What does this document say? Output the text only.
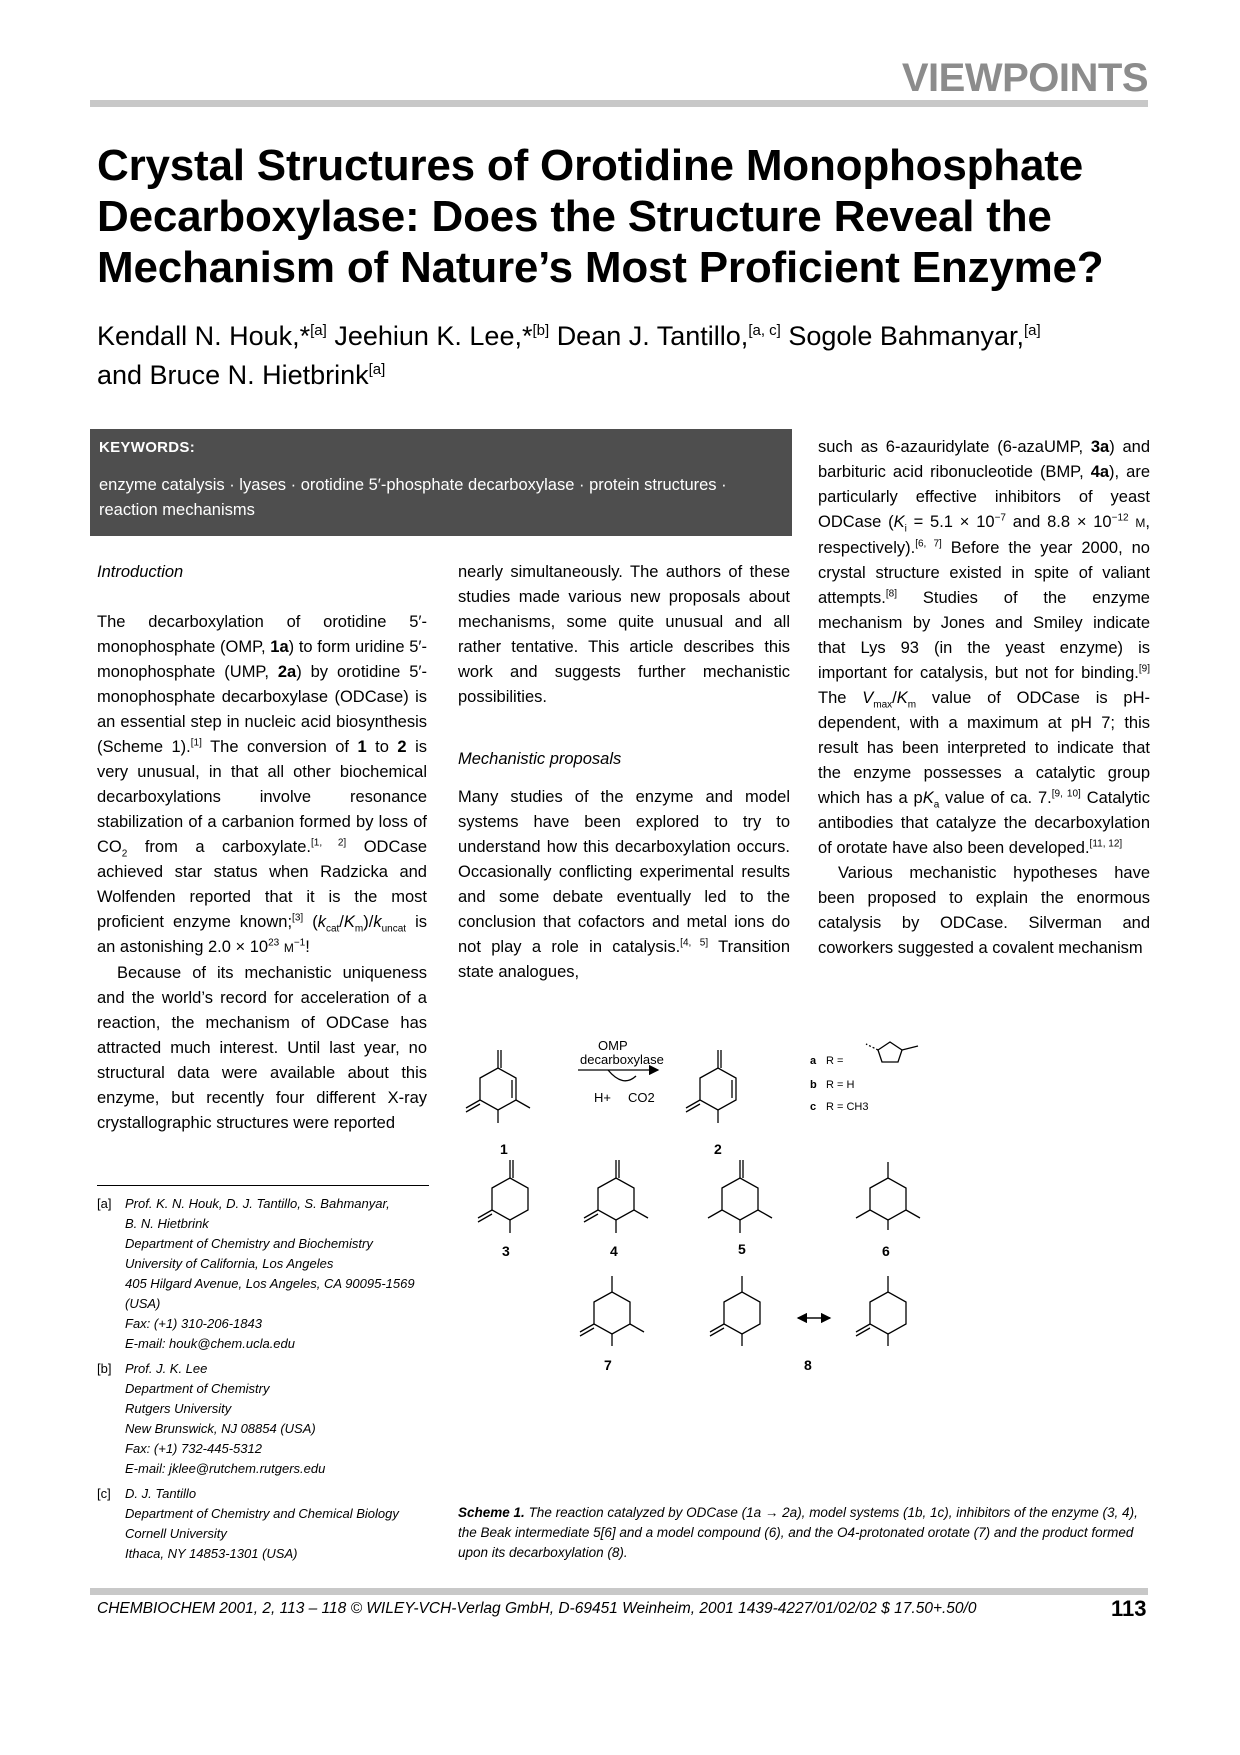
VIEWPOINTS
Crystal Structures of Orotidine Monophosphate
Decarboxylase: Does the Structure Reveal the
Mechanism of Nature’s Most Proficient Enzyme?
Kendall N. Houk,*[a] Jeehiun K. Lee,*[b] Dean J. Tantillo,[a, c] Sogole Bahmanyar,[a]
and Bruce N. Hietbrink[a]
KEYWORDS:
enzyme catalysis · lyases · orotidine 5′-phosphate decarboxylase · protein structures · reaction mechanisms

Introduction

The decarboxylation of orotidine 5′-monophosphate (OMP, 1a) to form uridine 5′-monophosphate (UMP, 2a) by orotidine 5′-monophosphate decarboxylase (ODCase) is an essential step in nucleic acid biosynthesis (Scheme 1).[1] The conversion of 1 to 2 is very unusual, in that all other biochemical decarboxylations involve resonance stabilization of a carbanion formed by loss of $CO_2$ from a carboxylate.[1, 2] ODCase achieved star status when Radzicka and Wolfenden reported that it is the most proficient enzyme known;[3] $(k_{cat}/K_m)/k_{uncat}$ is an astonishing $2.0 \times 10^{23}$ $M^{-1}$!

Because of its mechanistic uniqueness and the world’s record for acceleration of a reaction, the mechanism of ODCase has attracted much interest. Until last year, no structural data were available about this enzyme, but recently four different X-ray crystallographic structures were reported

nearly simultaneously. The authors of these studies made various new proposals about mechanisms, some quite unusual and all rather tentative. This article describes this work and suggests further mechanistic possibilities.

Mechanistic proposals

Many studies of the enzyme and model systems have been explored to try to understand how this decarboxylation occurs. Occasionally conflicting experimental results and some debate eventually led to the conclusion that cofactors and metal ions do not play a role in catalysis.[4, 5] Transition state analogues,

such as 6-azauridylate (6-azaUMP, 3a) and barbituric acid ribonucleotide (BMP, 4a), are particularly effective inhibitors of yeast ODCase ($K_i = 5.1 \times 10^{-7}$ and $8.8 \times 10^{-12}$ M, respectively).[6, 7] Before the year 2000, no crystal structure existed in spite of valiant attempts.[8] Studies of the enzyme mechanism by Jones and Smiley indicate that Lys 93 (in the yeast enzyme) is important for catalysis, but not for binding.[9] The $V_{max}/K_m$ value of ODCase is pH-dependent, with a maximum at pH 7; this result has been interpreted to indicate that the enzyme possesses a catalytic group which has a $pK_a$ value of ca. 7.[9, 10] Catalytic antibodies that catalyze the decarboxylation of orotate have also been developed.[11, 12]

Various mechanistic hypotheses have been proposed to explain the enormous catalysis by ODCase. Silverman and coworkers suggested a covalent mechanism

[a]	Prof. K. N. Houk, D. J. Tantillo, S. Bahmanyar,
B. N. Hietbrink
Department of Chemistry and Biochemistry
University of California, Los Angeles
405 Hilgard Avenue, Los Angeles, CA 90095-1569
(USA)
Fax: (+1) 310-206-1843
E-mail: houk@chem.ucla.edu
[b]	Prof. J. K. Lee
Department of Chemistry
Rutgers University
New Brunswick, NJ 08854 (USA)
Fax: (+1) 732-445-5312
E-mail: jklee@rutchem.rutgers.edu
[c]	D. J. Tantillo
Department of Chemistry and Chemical Biology
Cornell University
Ithaca, NY 14853-1301 (USA)
OMP
decarboxylase
H+ CO2
a R =
b R = H
c R = CH3
1	2
3	4	5	6
7	8
Scheme 1. The reaction catalyzed by ODCase (1a → 2a), model systems (1b, 1c), inhibitors of the enzyme (3, 4), the Beak intermediate 5[6] and a model compound (6), and the O4-protonated orotate (7) and the product formed upon its decarboxylation (8).
CHEMBIOCHEM 2001, 2, 113 – 118 © WILEY-VCH-Verlag GmbH, D-69451 Weinheim, 2001 1439-4227/01/02/02 $ 17.50+.50/0	113
